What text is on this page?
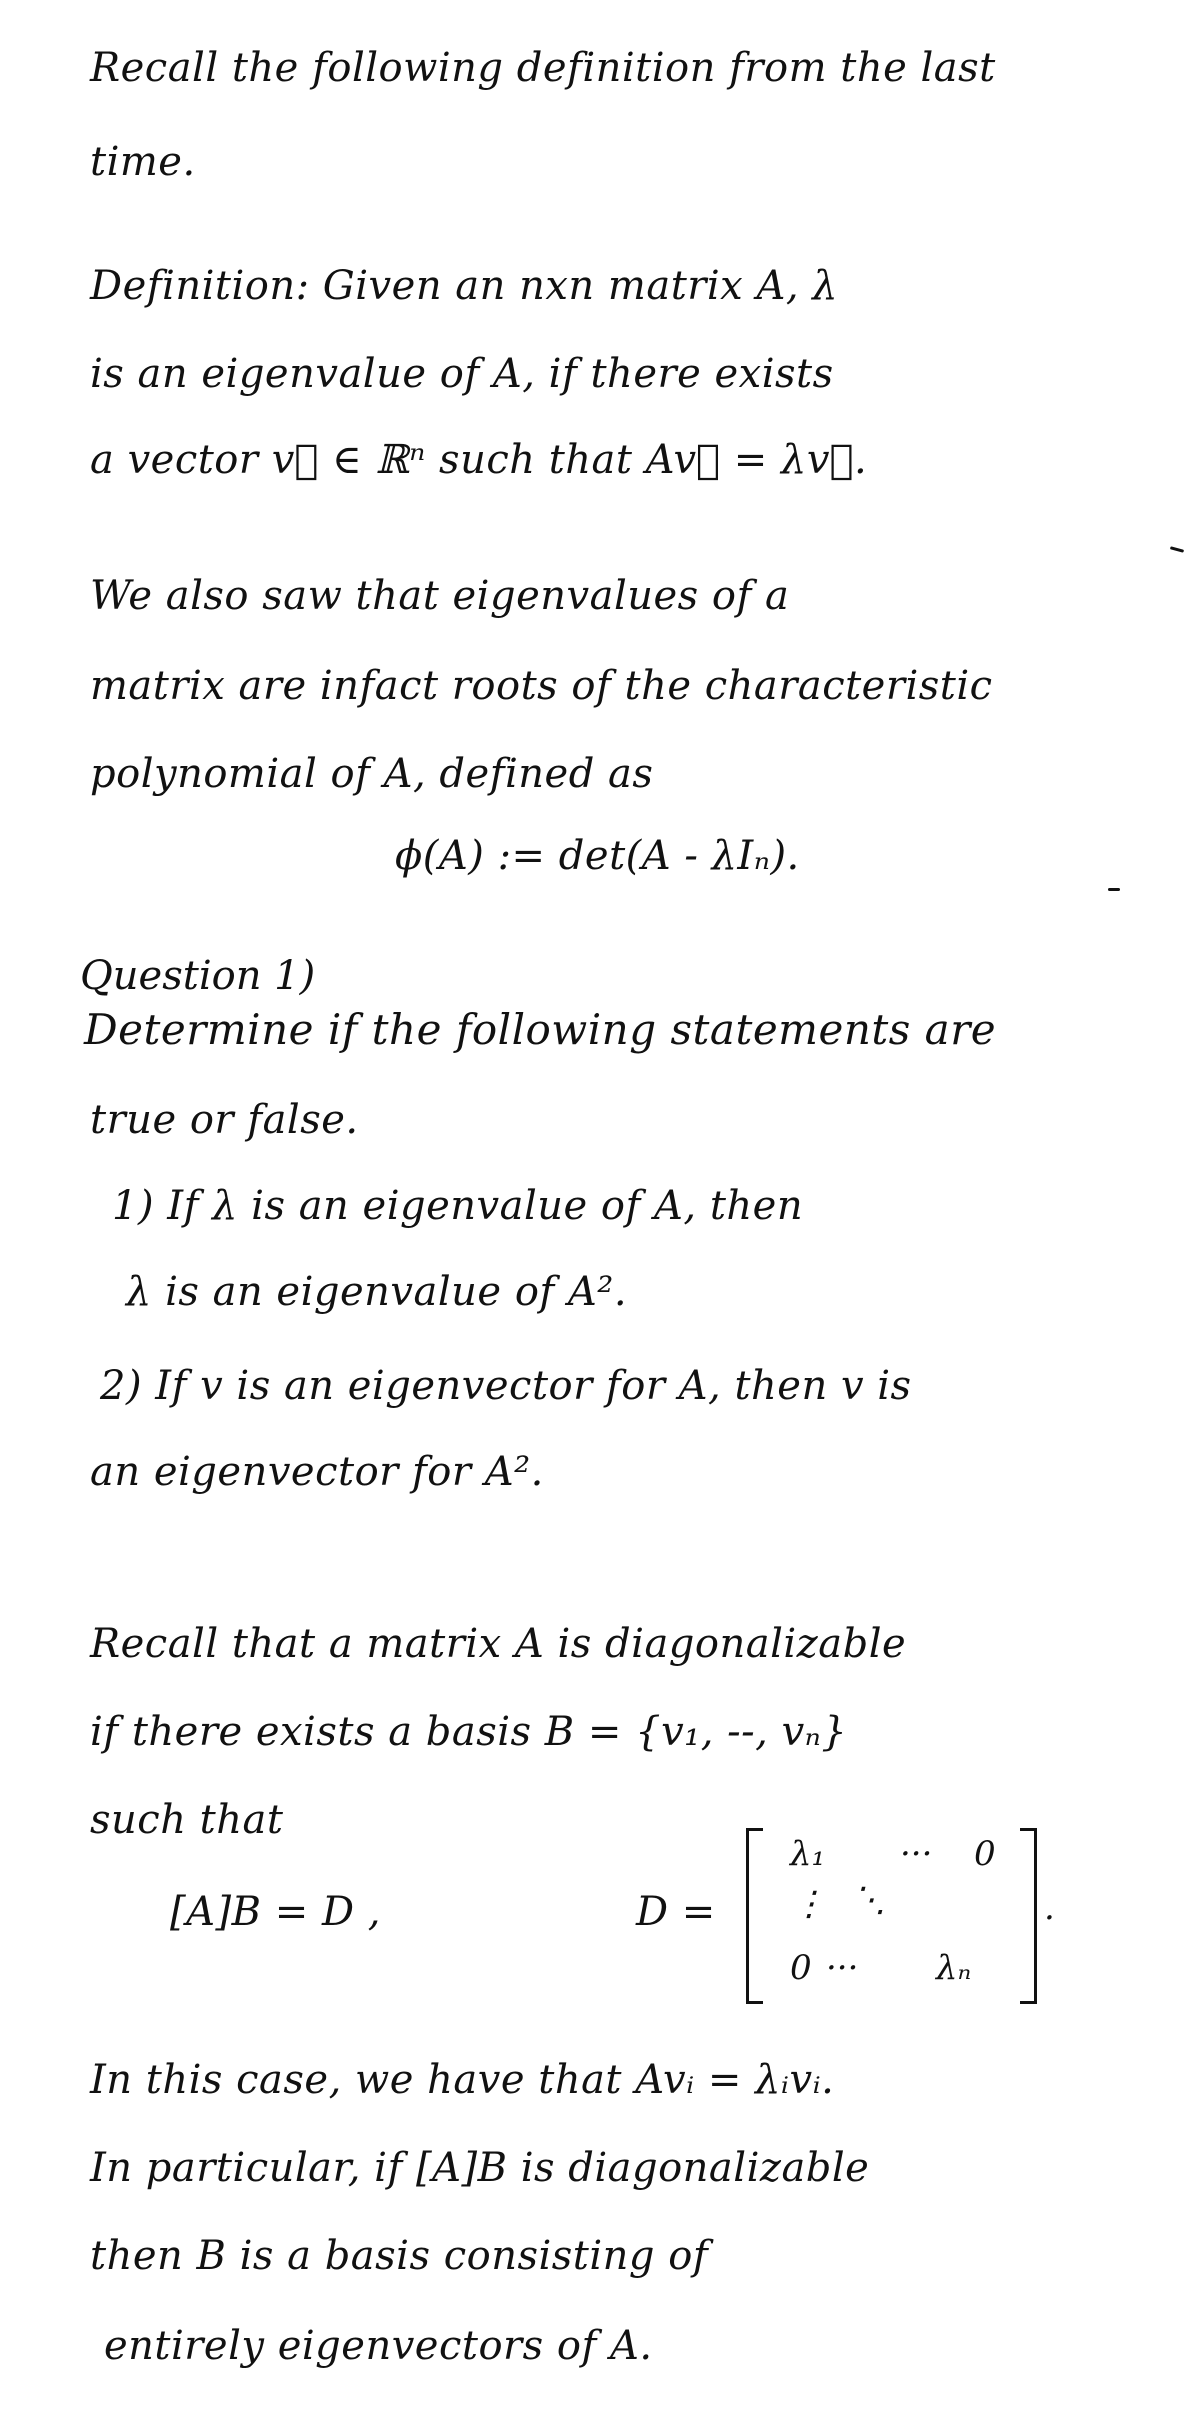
Recall the following definition from the last
time.
Definition: Given an nxn matrix A, λ
is an eigenvalue of A, if there exists
a vector v⃗ ∈ ℝⁿ such that Av⃗ = λv⃗.
We also saw that eigenvalues of a
matrix are infact roots of the characteristic
polynomial of A, defined as
ϕ(A) := det(A - λIₙ).
Question 1)
Determine if the following statements are
true or false.
1) If λ is an eigenvalue of A, then
λ is an eigenvalue of A².
2) If v is an eigenvector for A, then v is
an eigenvector for A².
Recall that a matrix A is diagonalizable
if there exists a basis B = {v₁, --, vₙ}
such that
[A]B = D ,	D =
λ₁ ··· 0
⋮ ⋱
0 ··· λₙ
.
In this case, we have that Avᵢ = λᵢvᵢ.
In particular, if [A]B is diagonalizable
then B is a basis consisting of
entirely eigenvectors of A.
